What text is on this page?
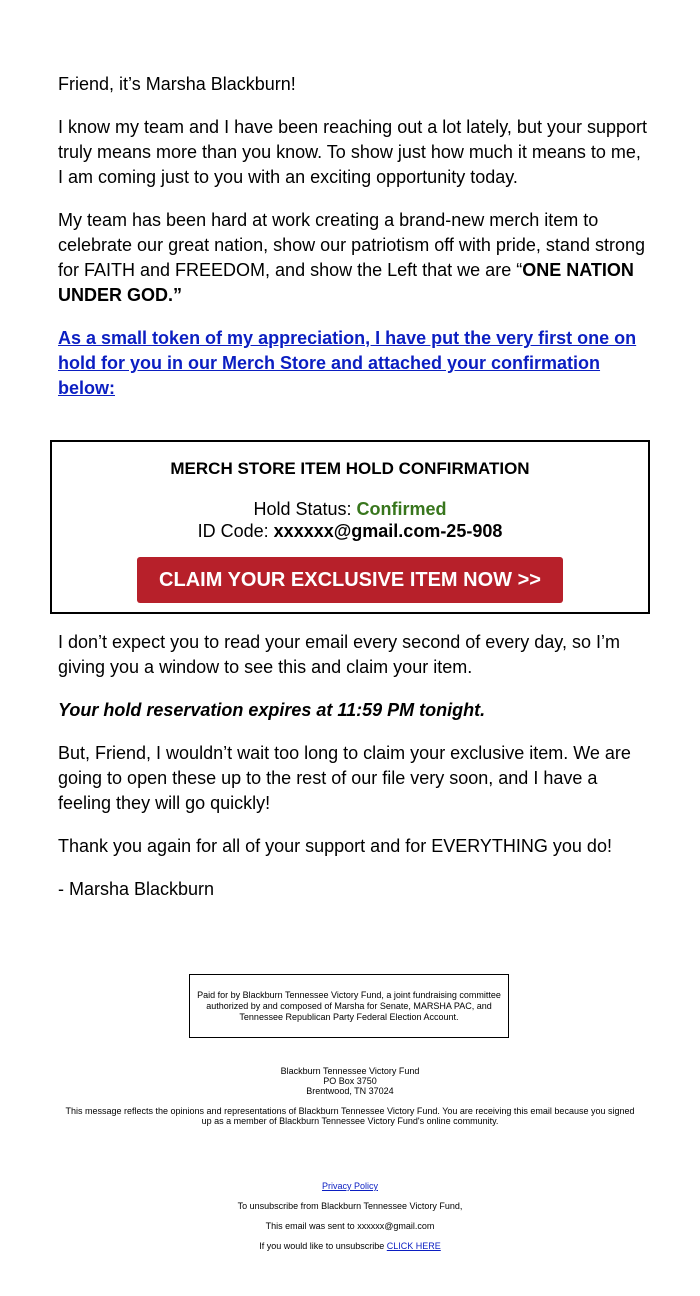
Friend, it’s Marsha Blackburn!

I know my team and I have been reaching out a lot lately, but your support truly means more than you know. To show just how much it means to me, I am coming just to you with an exciting opportunity today.

My team has been hard at work creating a brand-new merch item to celebrate our great nation, show our patriotism off with pride, stand strong for FAITH and FREEDOM, and show the Left that we are “ONE NATION UNDER GOD.”

As a small token of my appreciation, I have put the very first one on hold for you in our Merch Store and attached your confirmation below:

MERCH STORE ITEM HOLD CONFIRMATION
Hold Status: Confirmed
ID Code: xxxxxx@gmail.com-25-908
CLAIM YOUR EXCLUSIVE ITEM NOW >>

I don’t expect you to read your email every second of every day, so I’m giving you a window to see this and claim your item.

Your hold reservation expires at 11:59 PM tonight.

But, Friend, I wouldn’t wait too long to claim your exclusive item. We are going to open these up to the rest of our file very soon, and I have a feeling they will go quickly!

Thank you again for all of your support and for EVERYTHING you do!

- Marsha Blackburn

Paid for by Blackburn Tennessee Victory Fund, a joint fundraising committee authorized by and composed of Marsha for Senate, MARSHA PAC, and Tennessee Republican Party Federal Election Account.
Blackburn Tennessee Victory Fund
PO Box 3750
Brentwood, TN 37024
This message reflects the opinions and representations of Blackburn Tennessee Victory Fund. You are receiving this email because you signed up as a member of Blackburn Tennessee Victory Fund's online community.
Privacy Policy
To unsubscribe from Blackburn Tennessee Victory Fund,
This email was sent to xxxxxx@gmail.com
If you would like to unsubscribe CLICK HERE
